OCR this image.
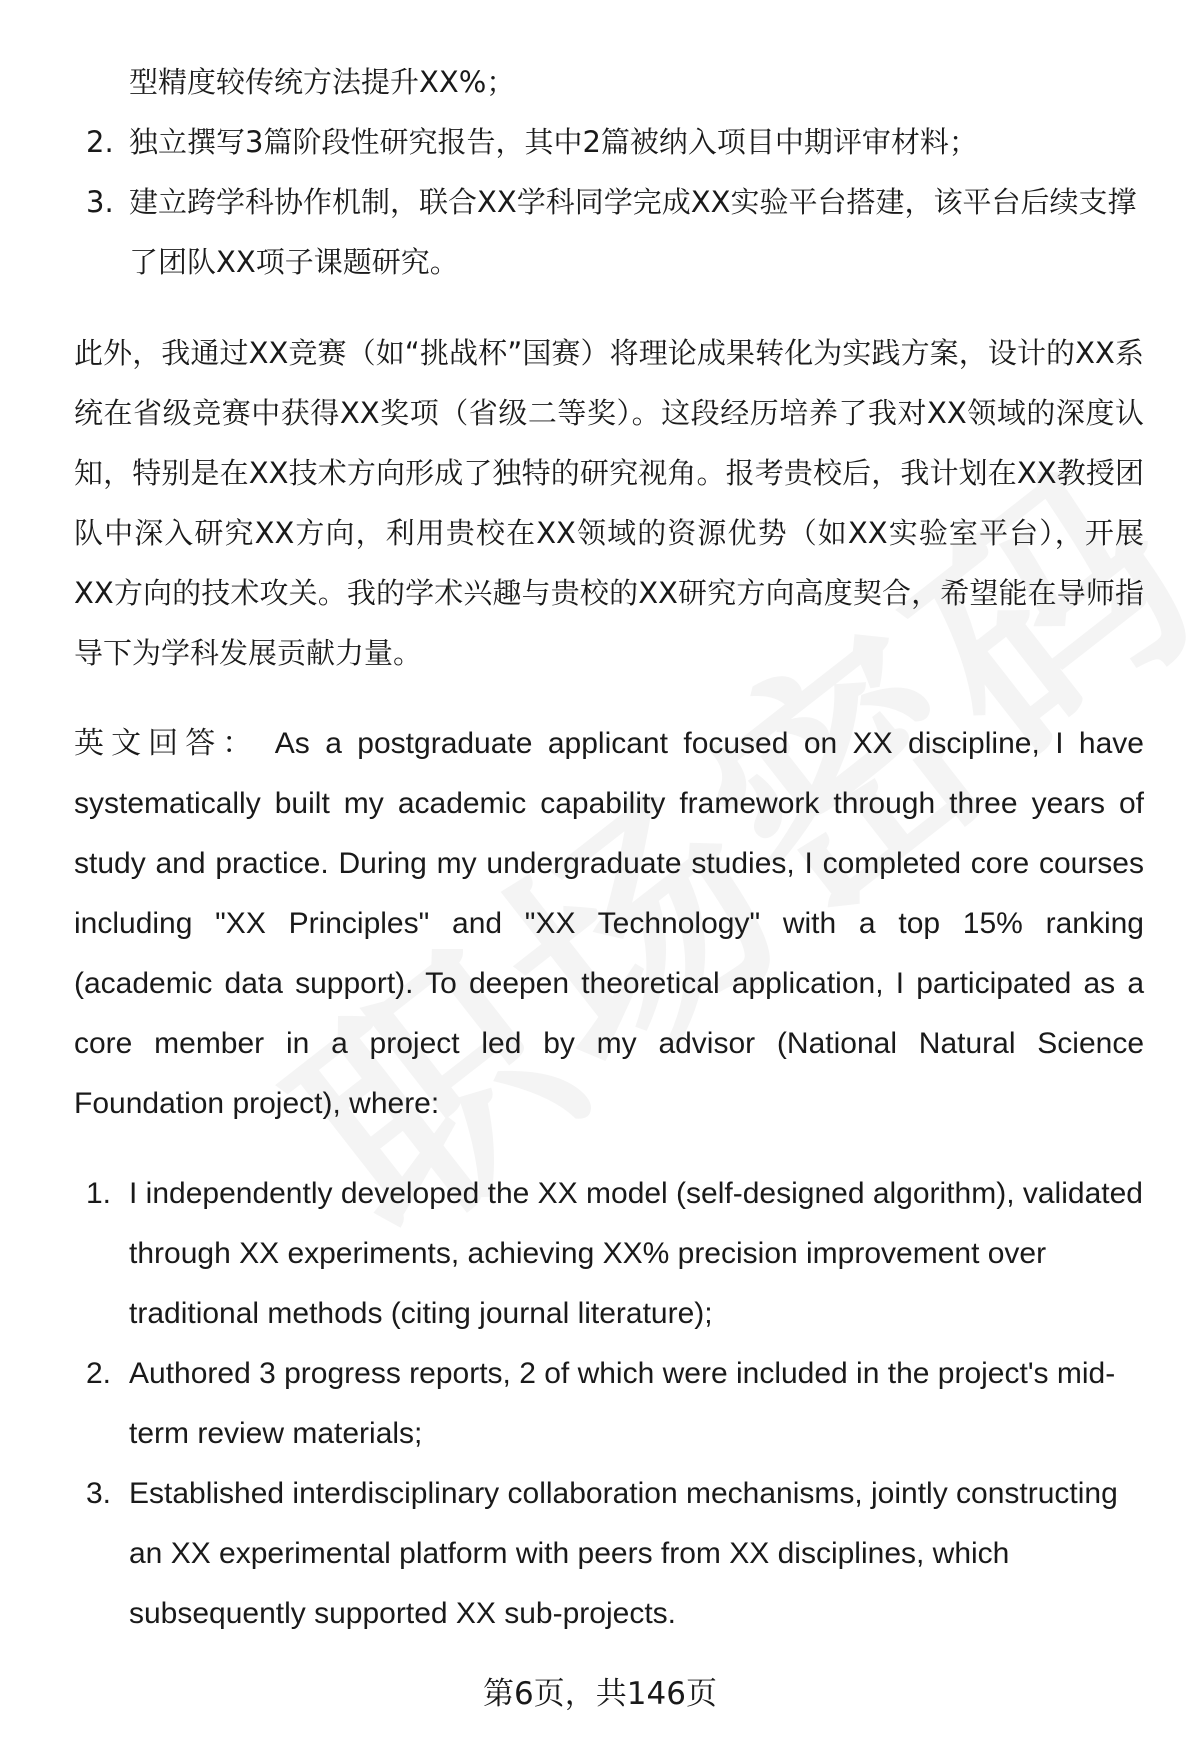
型精度较传统方法提升XX%；

2. 独立撰写3篇阶段性研究报告，其中2篇被纳入项目中期评审材料；
3. 建立跨学科协作机制，联合XX学科同学完成XX实验平台搭建，该平台后续支撑了团队XX项子课题研究。

此外，我通过XX竞赛（如“挑战杯”国赛）将理论成果转化为实践方案，设计的XX系统在省级竞赛中获得XX奖项（省级二等奖）。这段经历培养了我对XX领域的深度认知，特别是在XX技术方向形成了独特的研究视角。报考贵校后，我计划在XX教授团队中深入研究XX方向，利用贵校在XX领域的资源优势（如XX实验室平台），开展XX方向的技术攻关。我的学术兴趣与贵校的XX研究方向高度契合，希望能在导师指导下为学科发展贡献力量。

英文回答： As a postgraduate applicant focused on XX discipline, I have systematically built my academic capability framework through three years of study and practice. During my undergraduate studies, I completed core courses including "XX Principles" and "XX Technology" with a top 15% ranking (academic data support). To deepen theoretical application, I participated as a core member in a project led by my advisor (National Natural Science Foundation project), where:

1. I independently developed the XX model (self-designed algorithm), validated through XX experiments, achieving XX% precision improvement over traditional methods (citing journal literature);
2. Authored 3 progress reports, 2 of which were included in the project's mid-term review materials;
3. Established interdisciplinary collaboration mechanisms, jointly constructing an XX experimental platform with peers from XX disciplines, which subsequently supported XX sub-projects.
第6页，共146页
